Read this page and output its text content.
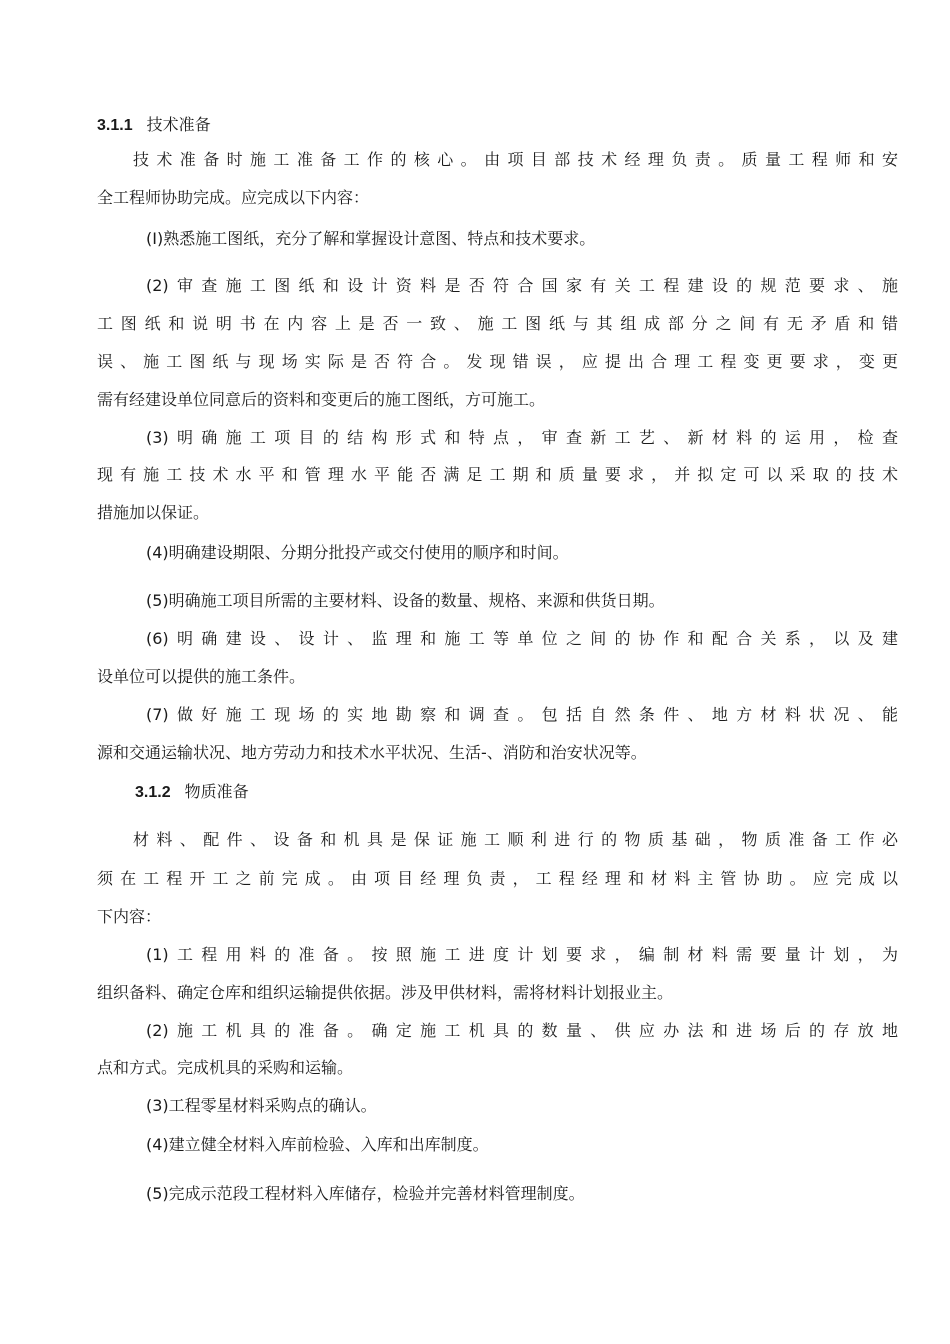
3.1.1 技术准备
技术准备时施工准备工作的核心。由项目部技术经理负责。质量工程师和安
全工程师协助完成。应完成以下内容：
(I)熟悉施工图纸，充分了解和掌握设计意图、特点和技术要求。
(2)审查施工图纸和设计资料是否符合国家有关工程建设的规范要求、施
工图纸和说明书在内容上是否一致、施工图纸与其组成部分之间有无矛盾和错
误、施工图纸与现场实际是否符合。发现错误，应提出合理工程变更要求，变更
需有经建设单位同意后的资料和变更后的施工图纸，方可施工。
(3)明确施工项目的结构形式和特点，审查新工艺、新材料的运用，检查
现有施工技术水平和管理水平能否满足工期和质量要求，并拟定可以采取的技术
措施加以保证。
(4)明确建设期限、分期分批投产或交付使用的顺序和时间。
(5)明确施工项目所需的主要材料、设备的数量、规格、来源和供货日期。
(6)明确建设、设计、监理和施工等单位之间的协作和配合关系，以及建
设单位可以提供的施工条件。
(7)做好施工现场的实地勘察和调查。包括自然条件、地方材料状况、能
源和交通运输状况、地方劳动力和技术水平状况、生活-、消防和治安状况等。
3.1.2 物质准备
材料、配件、设备和机具是保证施工顺利进行的物质基础，物质准备工作必
须在工程开工之前完成。由项目经理负责，工程经理和材料主管协助。应完成以
下内容：
(1)工程用料的准备。按照施工进度计划要求，编制材料需要量计划，为
组织备料、确定仓库和组织运输提供依据。涉及甲供材料，需将材料计划报业主。
(2)施工机具的准备。确定施工机具的数量、供应办法和进场后的存放地
点和方式。完成机具的采购和运输。
(3)工程零星材料采购点的确认。
(4)建立健全材料入库前检验、入库和出库制度。
(5)完成示范段工程材料入库储存，检验并完善材料管理制度。
